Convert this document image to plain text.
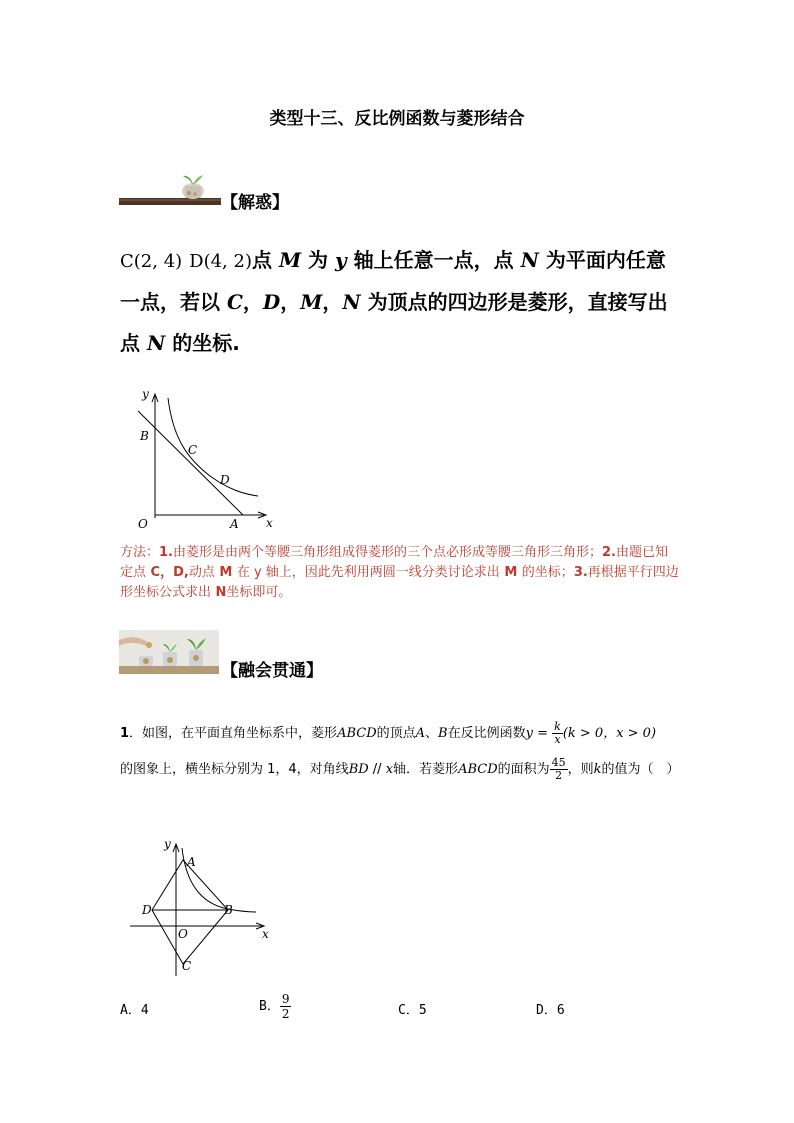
类型十三、反比例函数与菱形结合
【解惑】
C(2, 4) D(4, 2)点 M 为 y 轴上任意一点，点 N 为平面内任意一点，若以 C，D，M，N 为顶点的四边形是菱形，直接写出点 N 的坐标.
y
x
O	A
B
C
D
方法：1.由菱形是由两个等腰三角形组成得菱形的三个点必形成等腰三角形三角形；2.由题已知定点 C，D,动点 M 在 y 轴上，因此先利用两圆一线分类讨论求出 M 的坐标；3.再根据平行四边形坐标公式求出 N坐标即可。
【融会贯通】
1．如图，在平面直角坐标系中，菱形ABCD的顶点A、B在反比例函数$y = \frac{k}{x} (k > 0$，x > 0)
的图象上，横坐标分别为 1，4，对角线BD // x轴．若菱形ABCD的面积为 $\frac{45}{2}$ ，则k的值为（　）
y
x
O
A
B
C
D
A．4	B． $\frac{9}{2}$	C．5	D．6
